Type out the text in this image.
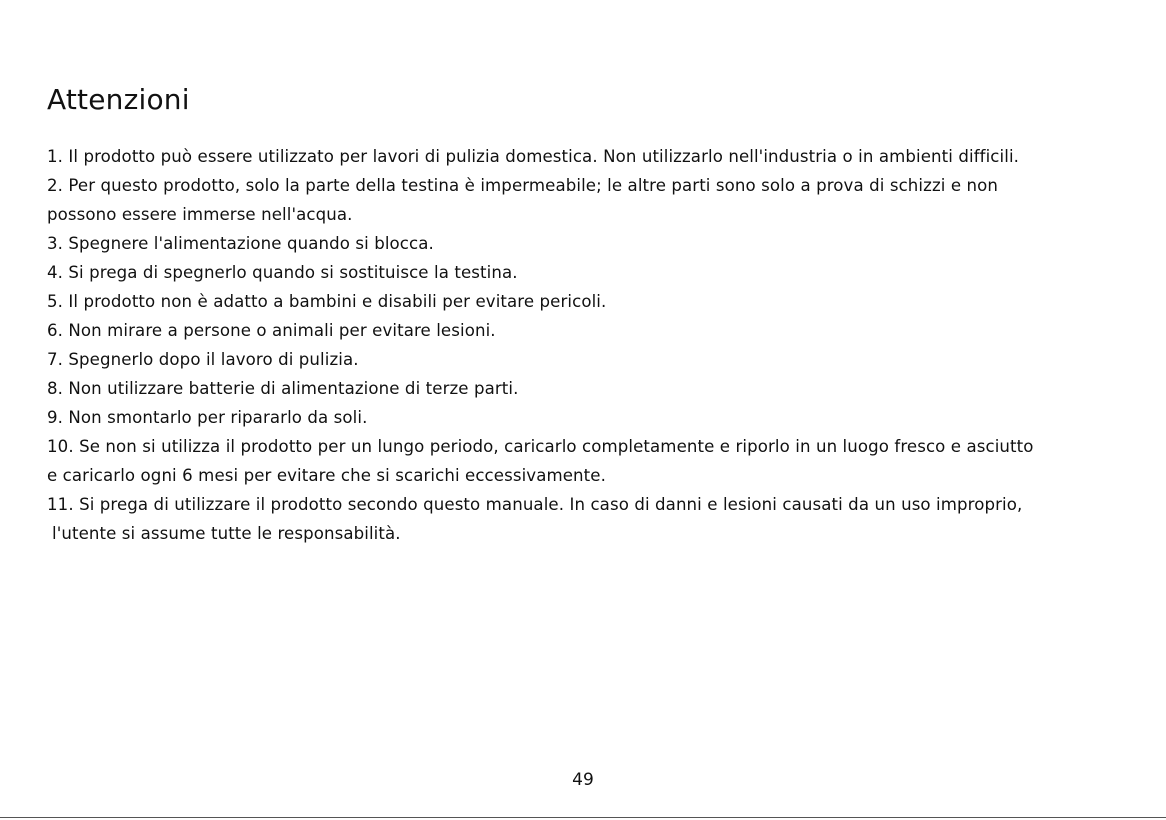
Attenzioni
1. Il prodotto può essere utilizzato per lavori di pulizia domestica. Non utilizzarlo nell'industria o in ambienti difficili.
2. Per questo prodotto, solo la parte della testina è impermeabile; le altre parti sono solo a prova di schizzi e non
possono essere immerse nell'acqua.
3. Spegnere l'alimentazione quando si blocca.
4. Si prega di spegnerlo quando si sostituisce la testina.
5. Il prodotto non è adatto a bambini e disabili per evitare pericoli.
6. Non mirare a persone o animali per evitare lesioni.
7. Spegnerlo dopo il lavoro di pulizia.
8. Non utilizzare batterie di alimentazione di terze parti.
9. Non smontarlo per ripararlo da soli.
10. Se non si utilizza il prodotto per un lungo periodo, caricarlo completamente e riporlo in un luogo fresco e asciutto
e caricarlo ogni 6 mesi per evitare che si scarichi eccessivamente.
11. Si prega di utilizzare il prodotto secondo questo manuale. In caso di danni e lesioni causati da un uso improprio,
l'utente si assume tutte le responsabilità.
49
